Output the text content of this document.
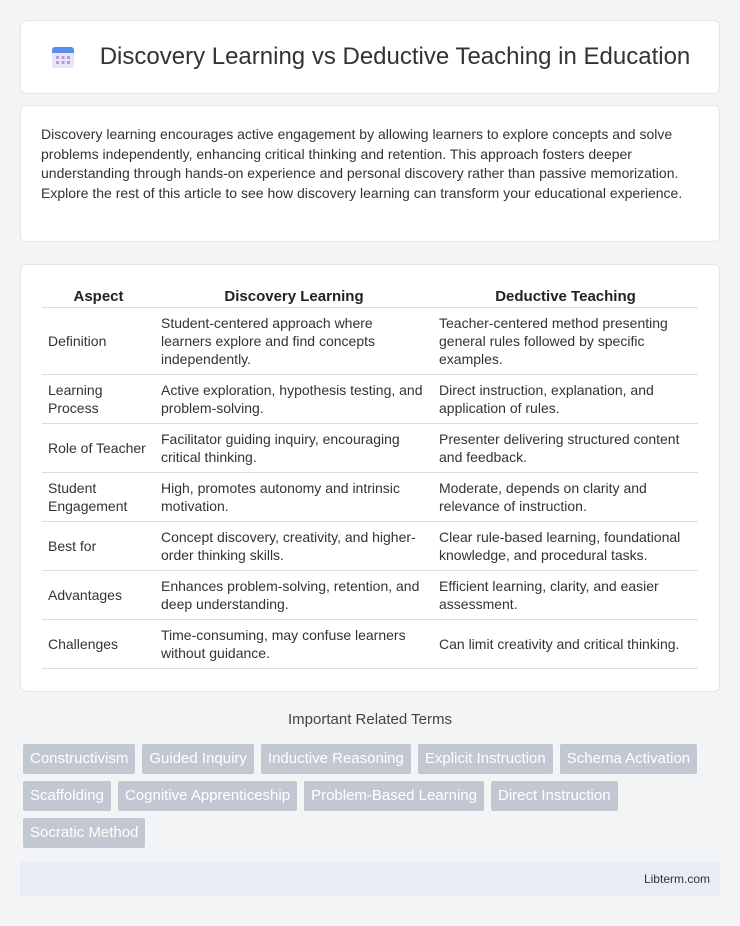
Discovery Learning vs Deductive Teaching in Education

Discovery learning encourages active engagement by allowing learners to explore concepts and solve problems independently, enhancing critical thinking and retention. This approach fosters deeper understanding through hands-on experience and personal discovery rather than passive memorization. Explore the rest of this article to see how discovery learning can transform your educational experience.

Aspect	Discovery Learning	Deductive Teaching
Definition	Student-centered approach where learners explore and find concepts independently.	Teacher-centered method presenting general rules followed by specific examples.
Learning Process	Active exploration, hypothesis testing, and problem-solving.	Direct instruction, explanation, and application of rules.
Role of Teacher	Facilitator guiding inquiry, encouraging critical thinking.	Presenter delivering structured content and feedback.
Student Engagement	High, promotes autonomy and intrinsic motivation.	Moderate, depends on clarity and relevance of instruction.
Best for	Concept discovery, creativity, and higher-order thinking skills.	Clear rule-based learning, foundational knowledge, and procedural tasks.
Advantages	Enhances problem-solving, retention, and deep understanding.	Efficient learning, clarity, and easier assessment.
Challenges	Time-consuming, may confuse learners without guidance.	Can limit creativity and critical thinking.
Important Related Terms
Constructivism	Guided Inquiry	Inductive Reasoning	Explicit Instruction	Schema Activation
Scaffolding	Cognitive Apprenticeship	Problem-Based Learning	Direct Instruction
Socratic Method
Libterm.com
